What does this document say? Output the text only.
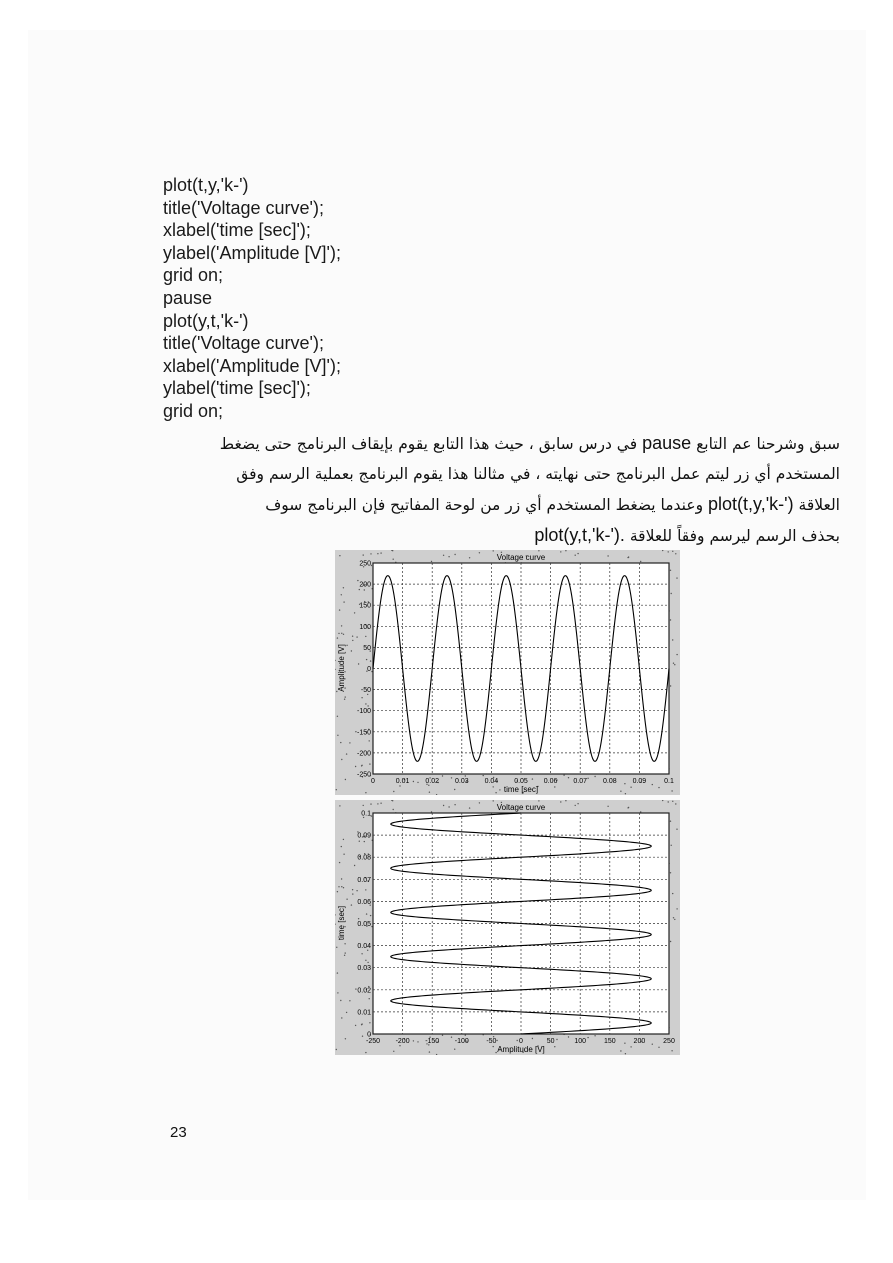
plot(t,y,'k-')
title('Voltage curve');
xlabel('time [sec]');
ylabel('Amplitude [V]');
grid on;
pause
plot(y,t,'k-')
title('Voltage curve');
xlabel('Amplitude [V]');
ylabel('time [sec]');
grid on;

سبق وشرحنا عم التابع pause في درس سابق ، حيث هذا التابع يقوم بإيقاف البرنامج حتى يضغط

المستخدم أي زر ليتم عمل البرنامج حتى نهايته ، في مثالنا هذا يقوم البرنامج بعملية الرسم وفق

العلاقة plot(t,y,'k-') وعندما يضغط المستخدم أي زر من لوحة المفاتيح فإن البرنامج سوف

بحذف الرسم ليرسم وفقاً للعلاقة plot(y,t,'k-').

0	0.01 0.02 0.03 0.04 0.05 0.06 0.07 0.08 0.09	0.1
250
200
150
100
50
0
-50
-100
-150
-200
-250
Voltage curve
time [sec]
Amplitude [V]
-250 -200 -150 -100	-50	0	50	100	150	200	250
0.1
0.09
0.08
0.07
0.06
0.05
0.04
0.03
0.02
0.01
0
Voltage curve
Amplitude [V]
time [sec]
23
